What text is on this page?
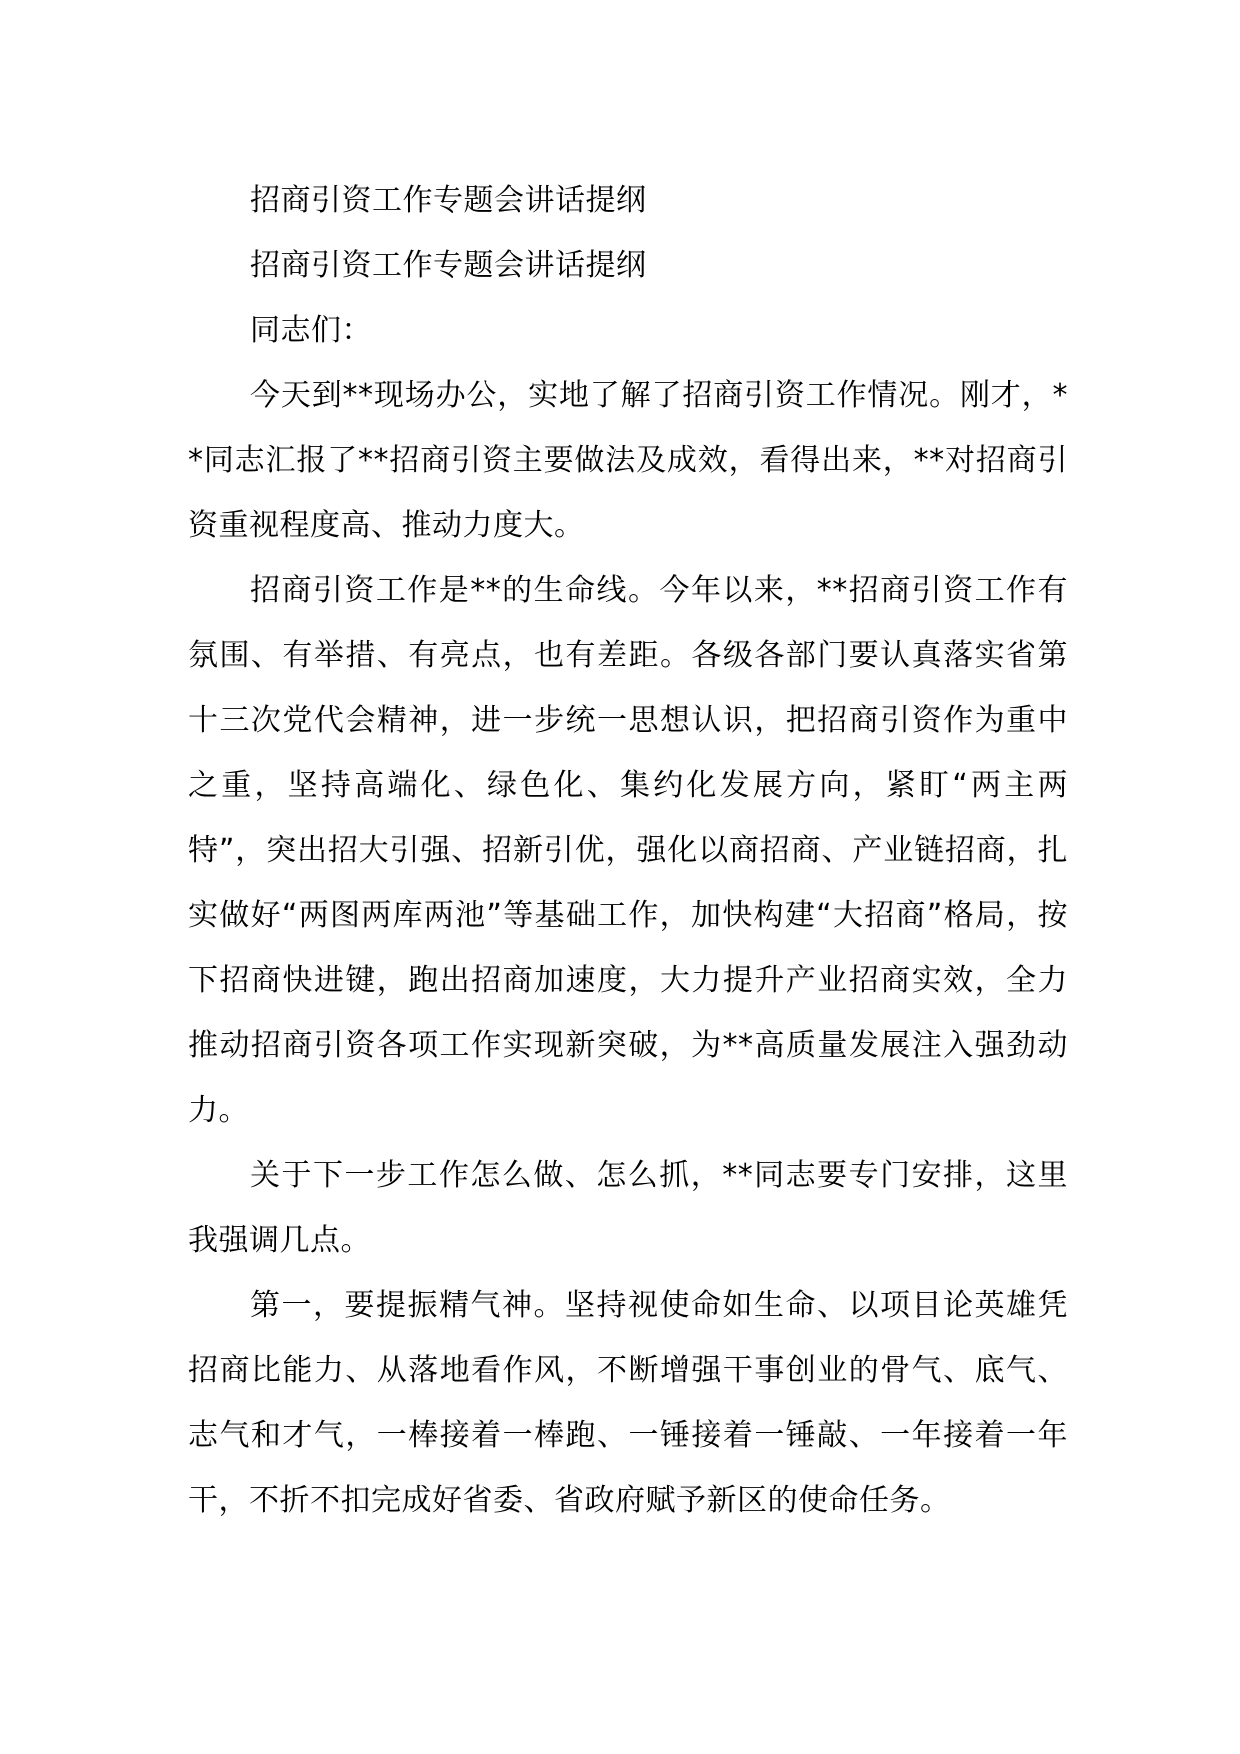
招商引资工作专题会讲话提纲

招商引资工作专题会讲话提纲

同志们：

今天到**现场办公，实地了解了招商引资工作情况。刚才，**同志汇报了**招商引资主要做法及成效，看得出来，**对招商引资重视程度高、推动力度大。

招商引资工作是**的生命线。今年以来，**招商引资工作有氛围、有举措、有亮点，也有差距。各级各部门要认真落实省第十三次党代会精神，进一步统一思想认识，把招商引资作为重中之重，坚持高端化、绿色化、集约化发展方向，紧盯“两主两特”，突出招大引强、招新引优，强化以商招商、产业链招商，扎实做好“两图两库两池”等基础工作，加快构建“大招商”格局，按下招商快进键，跑出招商加速度，大力提升产业招商实效，全力推动招商引资各项工作实现新突破，为**高质量发展注入强劲动力。

关于下一步工作怎么做、怎么抓，**同志要专门安排，这里我强调几点。

第一，要提振精气神。坚持视使命如生命、以项目论英雄凭招商比能力、从落地看作风，不断增强干事创业的骨气、底气、志气和才气，一棒接着一棒跑、一锤接着一锤敲、一年接着一年干，不折不扣完成好省委、省政府赋予新区的使命任务。
